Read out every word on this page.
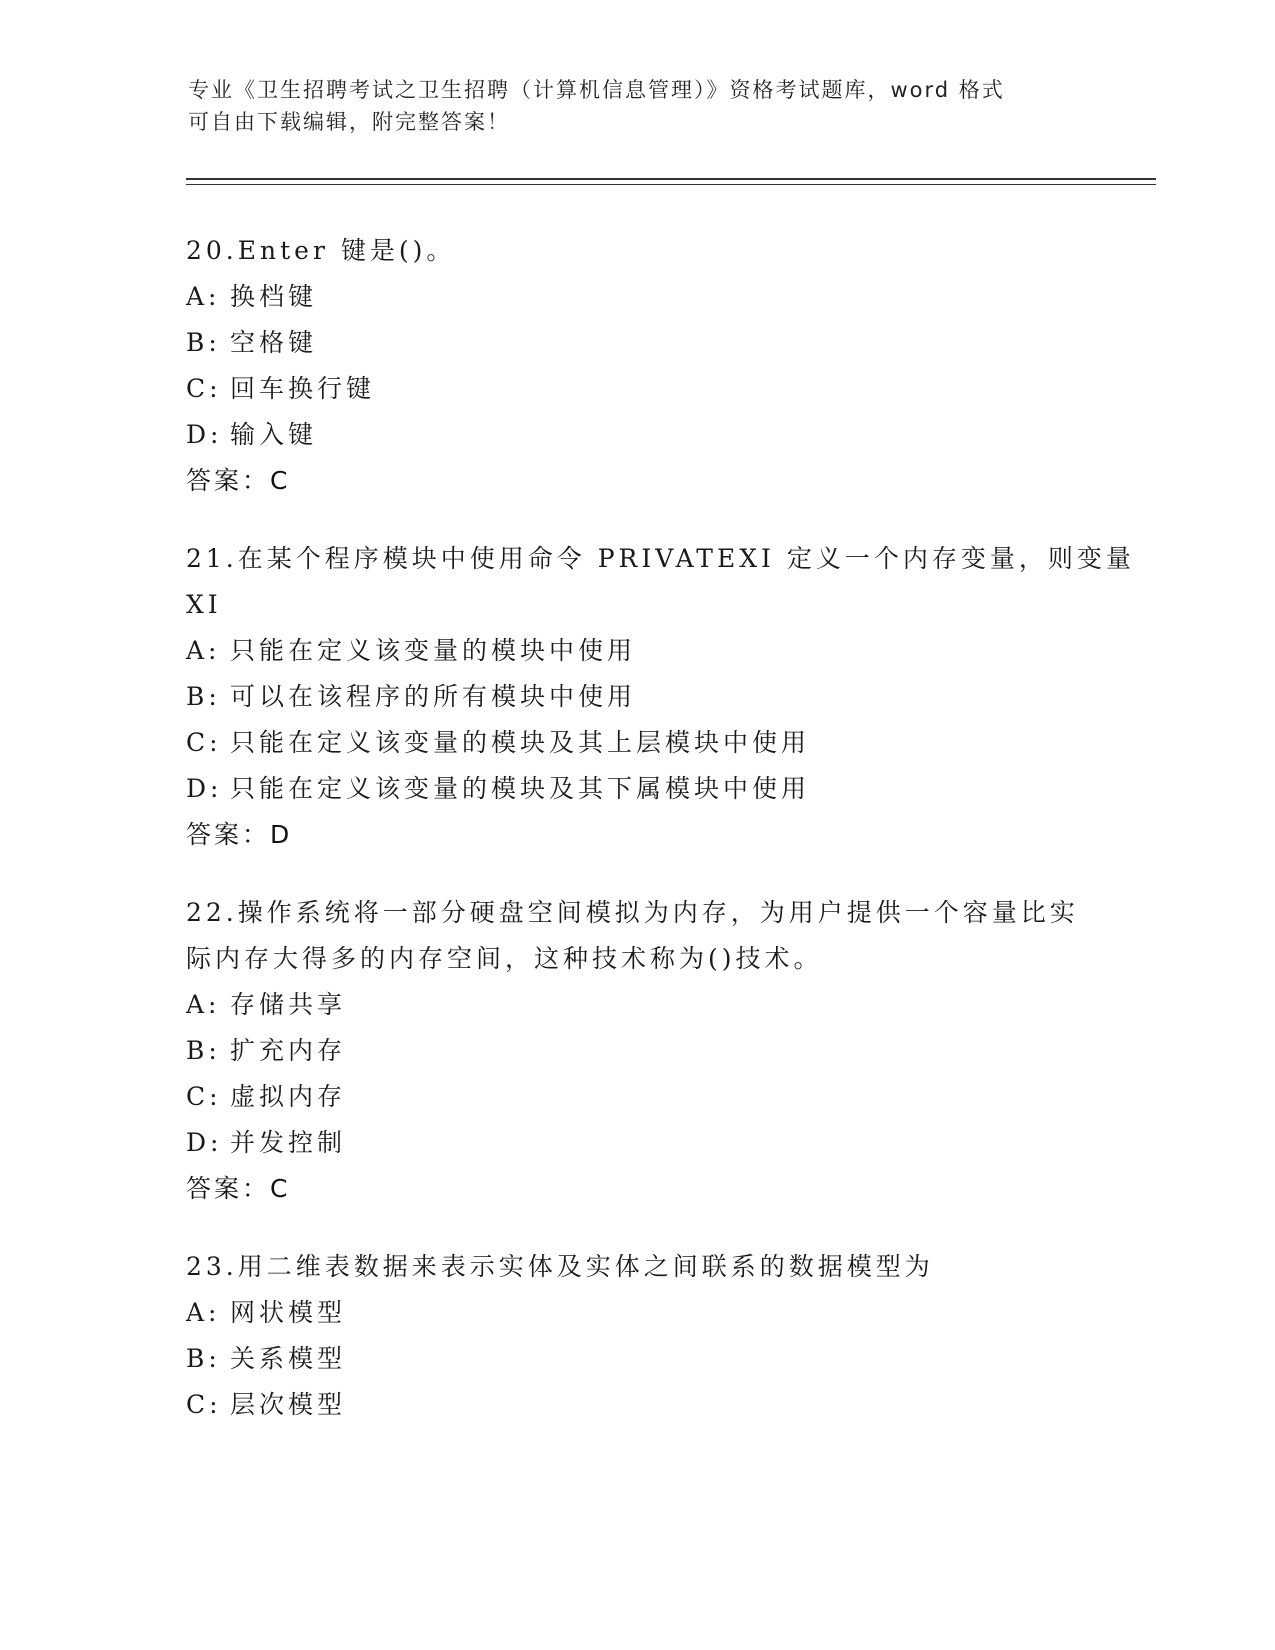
专业《卫生招聘考试之卫生招聘（计算机信息管理）》资格考试题库，word 格式
可自由下载编辑，附完整答案！
20.Enter 键是()。
A: 换档键
B: 空格键
C: 回车换行键
D: 输入键
答案：C
21.在某个程序模块中使用命令 PRIVATEXI 定义一个内存变量，则变量
XI
A: 只能在定义该变量的模块中使用
B: 可以在该程序的所有模块中使用
C: 只能在定义该变量的模块及其上层模块中使用
D: 只能在定义该变量的模块及其下属模块中使用
答案：D
22.操作系统将一部分硬盘空间模拟为内存，为用户提供一个容量比实
际内存大得多的内存空间，这种技术称为()技术。
A: 存储共享
B: 扩充内存
C: 虚拟内存
D: 并发控制
答案：C
23.用二维表数据来表示实体及实体之间联系的数据模型为
A: 网状模型
B: 关系模型
C: 层次模型
